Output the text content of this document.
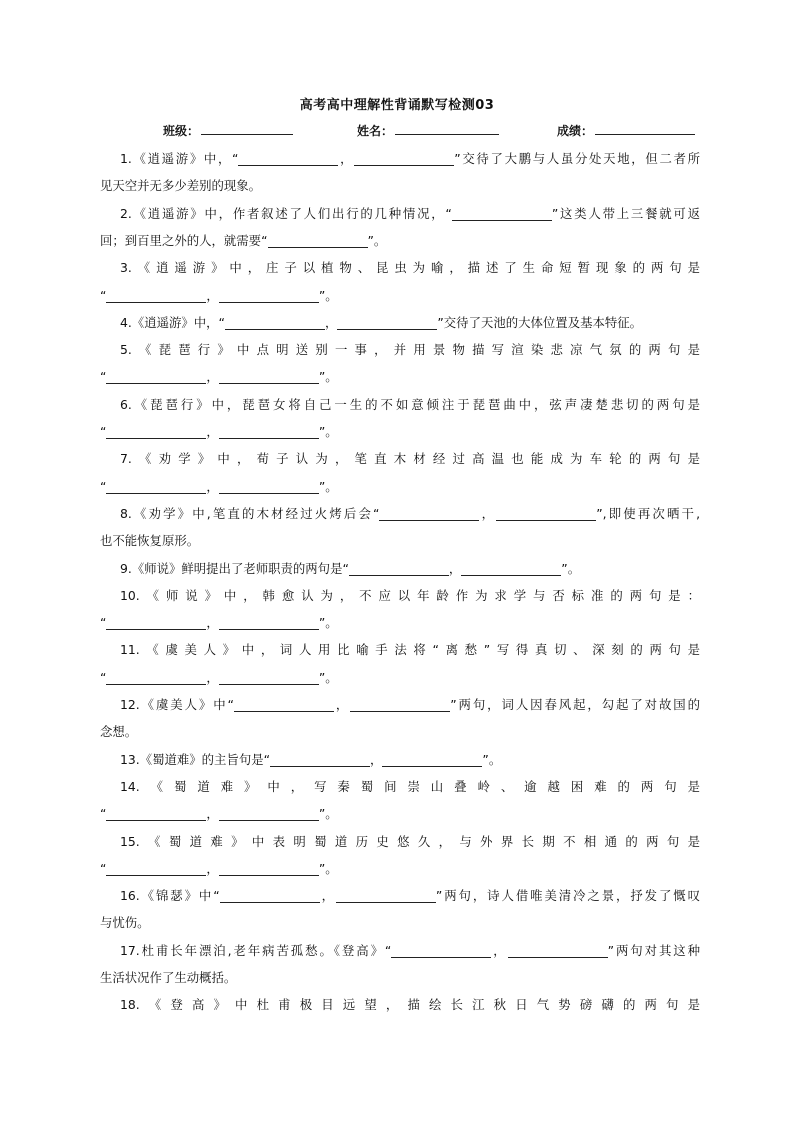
高考高中理解性背诵默写检测03
班级：	姓名：	成绩：
1.《逍遥游》中，“	，	”交待了大鹏与人虽分处天地，但二者所
见天空并无多少差别的现象。
2.《逍遥游》中，作者叙述了人们出行的几种情况，“	”这类人带上三餐就可返
回；到百里之外的人，就需要“	”。
3.《逍遥游》中，庄子以植物、昆虫为喻，描述了生命短暂现象的两句是
“	，	”。
4.《逍遥游》中，“	，	”交待了天池的大体位置及基本特征。
5.《琵琶行》中点明送别一事，并用景物描写渲染悲凉气氛的两句是
“	，	”。
6.《琵琶行》中，琵琶女将自己一生的不如意倾注于琵琶曲中，弦声凄楚悲切的两句是
“	，	”。
7.《劝学》中，荀子认为，笔直木材经过高温也能成为车轮的两句是
“	，	”。
8.《劝学》中,笔直的木材经过火烤后会“	，	”,即使再次晒干,
也不能恢复原形。
9.《师说》鲜明提出了老师职责的两句是“	，	”。
10.《师说》中，韩愈认为，不应以年龄作为求学与否标准的两句是：
“	，	”。
11.《虞美人》中，词人用比喻手法将“离愁”写得真切、深刻的两句是
“	，	”。
12.《虞美人》中“	，	”两句，词人因春风起，勾起了对故国的
念想。
13.《蜀道难》的主旨句是“	，	”。
14.《蜀道难》中，写秦蜀间崇山叠岭、逾越困难的两句是
“	，	”。
15.《蜀道难》中表明蜀道历史悠久，与外界长期不相通的两句是
“	，	”。
16.《锦瑟》中“	，	”两句，诗人借唯美清冷之景，抒发了慨叹
与忧伤。
17.杜甫长年漂泊,老年病苦孤愁。《登高》“	，	”两句对其这种
生活状况作了生动概括。
18.《登高》中杜甫极目远望，描绘长江秋日气势磅礴的两句是
